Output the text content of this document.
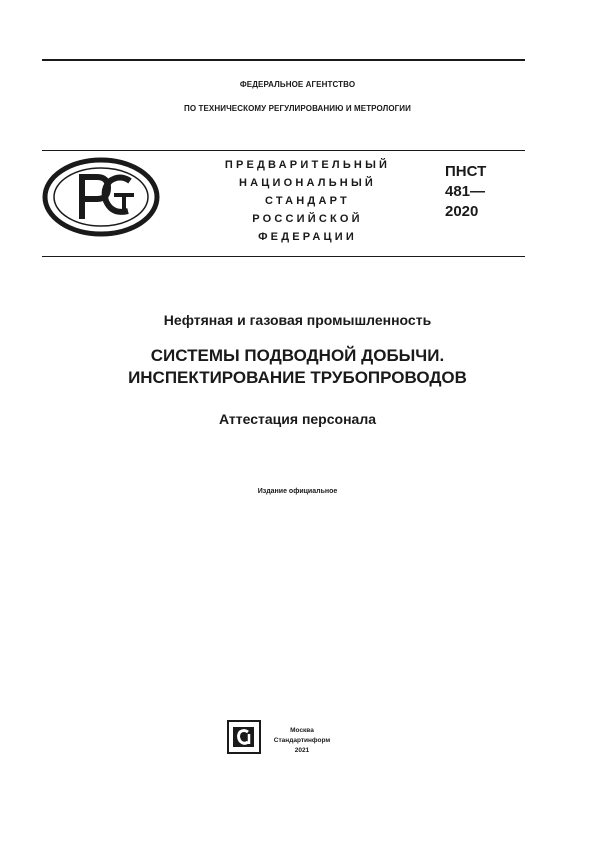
ФЕДЕРАЛЬНОЕ АГЕНТСТВО
ПО ТЕХНИЧЕСКОМУ РЕГУЛИРОВАНИЮ И МЕТРОЛОГИИ
ПРЕДВАРИТЕЛЬНЫЙ
НАЦИОНАЛЬНЫЙ
СТАНДАРТ
РОССИЙСКОЙ
ФЕДЕРАЦИИ
ПНСТ
481—
2020
Нефтяная и газовая промышленность
СИСТЕМЫ ПОДВОДНОЙ ДОБЫЧИ.
ИНСПЕКТИРОВАНИЕ ТРУБОПРОВОДОВ
Аттестация персонала
Издание официальное
Москва
Стандартинформ
2021
